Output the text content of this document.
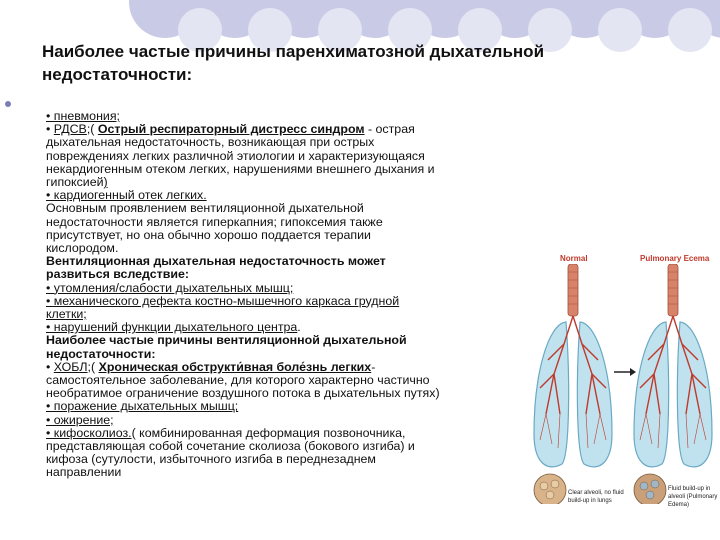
Наиболее частые причины паренхиматозной дыхательной недостаточности:
• пневмония;
• РДСВ;( Острый респираторный дистресс синдром - острая
дыхательная недостаточность, возникающая при острых
повреждениях легких различной этиологии и характеризующаяся
некардиогенным отеком легких, нарушениями внешнего дыхания и
гипоксией)
• кардиогенный отек легких.
Основным проявлением вентиляционной дыхательной
недостаточности является гиперкапния; гипоксемия также
присутствует, но она обычно хорошо поддается терапии
кислородом.
Вентиляционная дыхательная недостаточность может
развиться вследствие:
• утомления/слабости дыхательных мышц;
• механического дефекта костно-мышечного каркаса грудной
клетки;
• нарушений функции дыхательного центра.
Наиболее частые причины вентиляционной дыхательной
недостаточности:
• ХОБЛ;( Хроническая обструкти́вная боле́знь легких-
самостоятельное заболевание, для которого характерно частично
необратимое ограничение воздушного потока в дыхательных путях)
• поражение дыхательных мышц;
• ожирение;
• кифосколиоз.( комбинированная деформация позвоночника,
представляющая собой сочетание сколиоза (бокового изгиба) и
кифоза (сутулости, избыточного изгиба в переднезаднем
направлении
Normal	Pulmonary Ecema
Clear alveoli, no fluid
build-up in lungs
Fluid build-up in
alveoli (Pulmonary
Edema)
